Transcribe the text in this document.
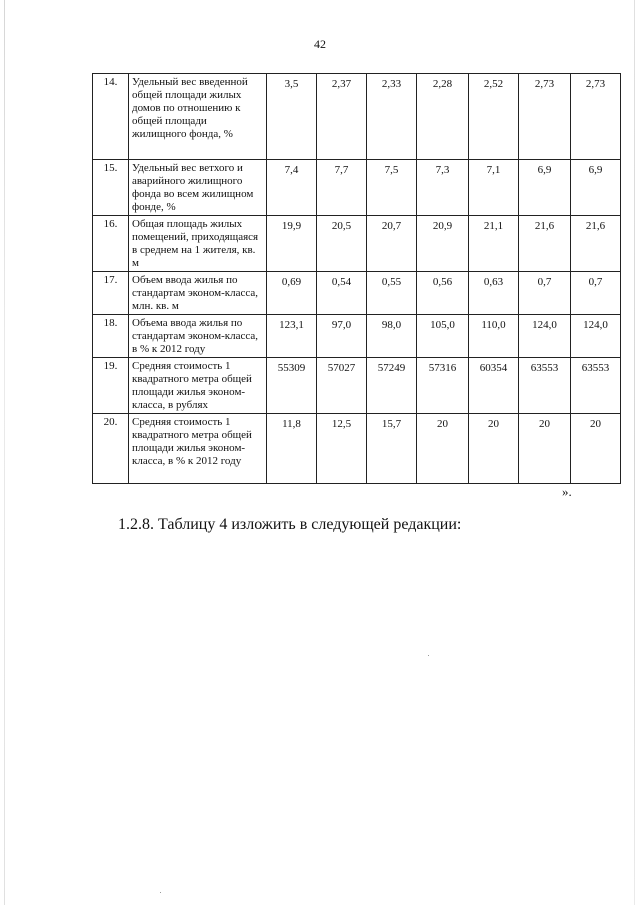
42
14.	Удельный вес введенной общей площади жилых домов по отношению к общей площади жилищного фонда, %	3,5	2,37	2,33	2,28	2,52	2,73	2,73
15.	Удельный вес ветхого и аварийного жилищного фонда во всем жилищном фонде, %	7,4	7,7	7,5	7,3	7,1	6,9	6,9
16.	Общая площадь жилых помещений, приходящаяся в среднем на 1 жителя, кв. м	19,9	20,5	20,7	20,9	21,1	21,6	21,6
17.	Объем ввода жилья по стандартам эконом-класса, млн. кв. м	0,69	0,54	0,55	0,56	0,63	0,7	0,7
18.	Объема ввода жилья по стандартам эконом-класса, в % к 2012 году	123,1	97,0	98,0	105,0	110,0	124,0	124,0
19.	Средняя стоимость 1 квадратного метра общей площади жилья эконом-класса, в рублях	55309	57027	57249	57316	60354	63553	63553
20.	Средняя стоимость 1 квадратного метра общей площади жилья эконом-класса, в % к 2012 году	11,8	12,5	15,7	20	20	20	20
».
1.2.8. Таблицу 4 изложить в следующей редакции:
